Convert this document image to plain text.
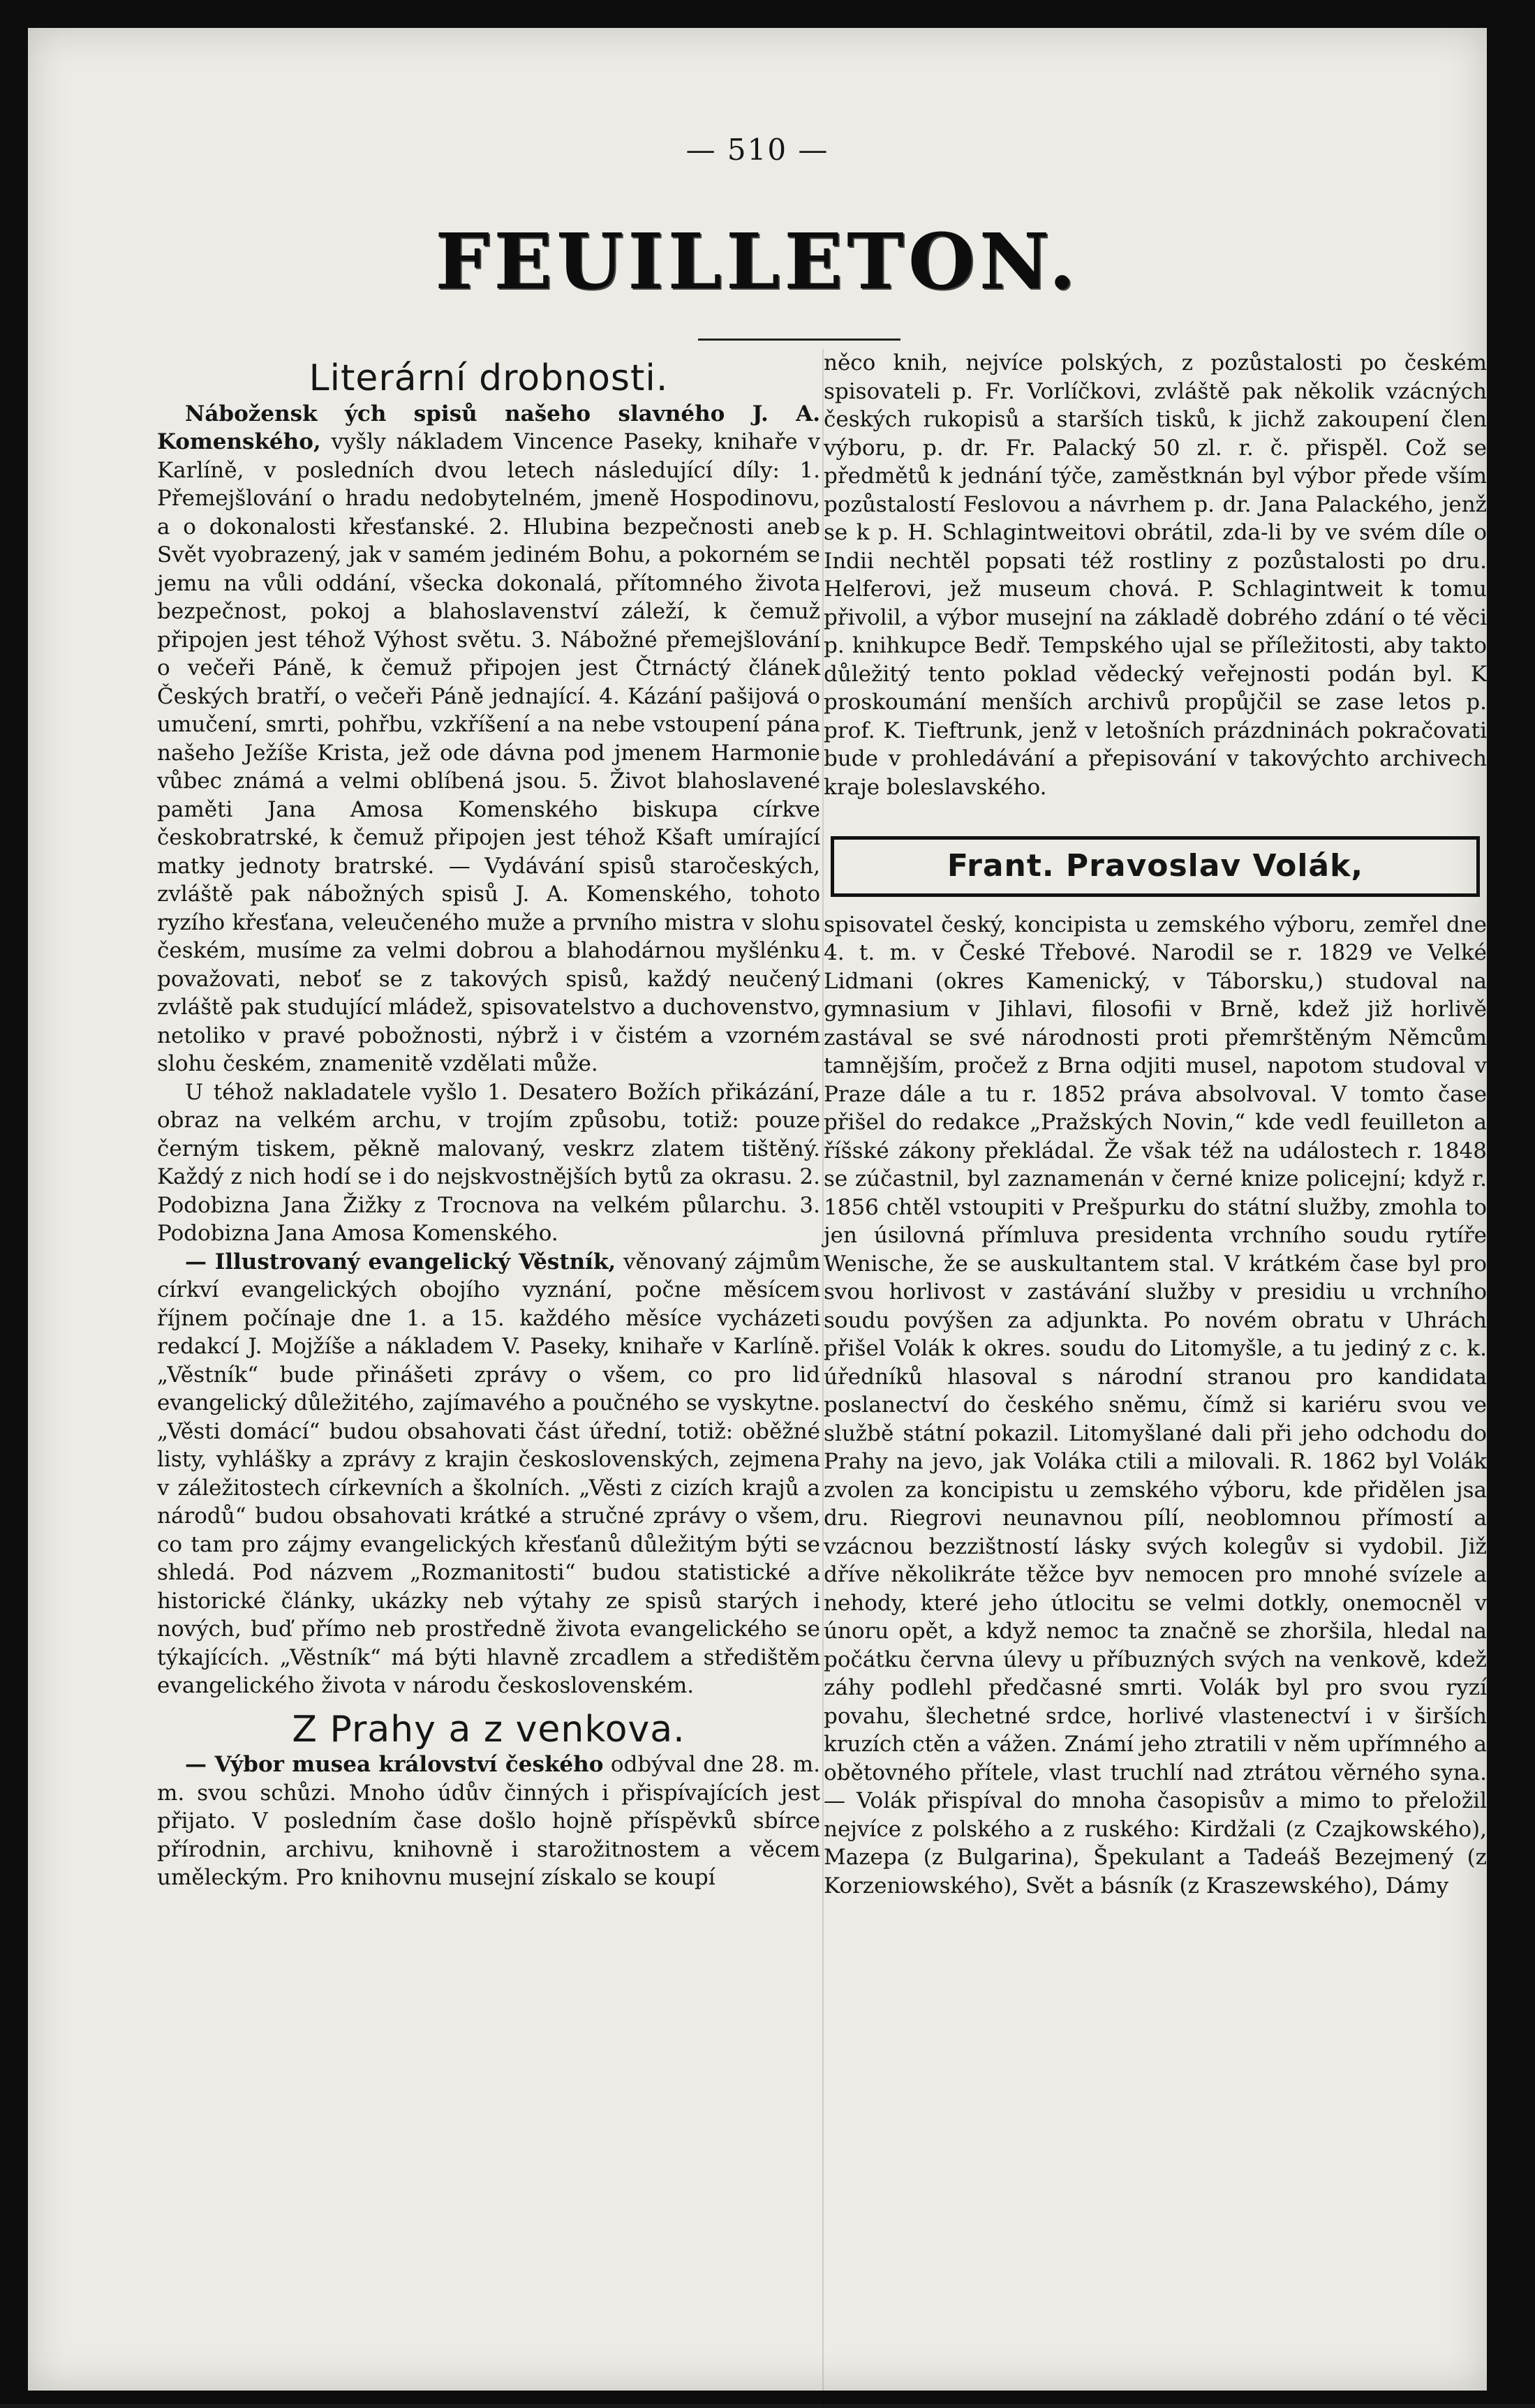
— 510 —
FEUILLETON.
Literární drobnosti.

Nábožensk ých spisů našeho slavného J. A. Komenského, vyšly nákladem Vincence Paseky, knihaře v Karlíně, v posledních dvou letech následující díly: 1. Přemejšlování o hradu nedobytelném, jmeně Hospodinovu, a o dokonalosti křesťanské. 2. Hlubina bezpečnosti aneb Svět vyobrazený, jak v samém jediném Bohu, a pokorném se jemu na vůli oddání, všecka dokonalá, přítomného života bezpečnost, pokoj a blahoslavenství záleží, k čemuž připojen jest téhož Výhost světu. 3. Nábožné přemejšlování o večeři Páně, k čemuž připojen jest Čtrnáctý článek Českých bratří, o večeři Páně jednající. 4. Kázání pašijová o umučení, smrti, pohřbu, vzkříšení a na nebe vstoupení pána našeho Ježíše Krista, jež ode dávna pod jmenem Harmonie vůbec známá a velmi oblíbená jsou. 5. Život blahoslavené paměti Jana Amosa Komenského biskupa církve českobratrské, k čemuž připojen jest téhož Kšaft umírající matky jednoty bratrské. — Vydávání spisů staročeských, zvláště pak nábožných spisů J. A. Komenského, tohoto ryzího křesťana, veleučeného muže a prvního mistra v slohu českém, musíme za velmi dobrou a blahodárnou myšlénku považovati, neboť se z takových spisů, každý neučený zvláště pak studující mládež, spisovatelstvo a duchovenstvo, netoliko v pravé pobožnosti, nýbrž i v čistém a vzorném slohu českém, znamenitě vzdělati může.

U téhož nakladatele vyšlo 1. Desatero Božích přikázání, obraz na velkém archu, v trojím způsobu, totiž: pouze černým tiskem, pěkně malovaný, veskrz zlatem tištěný. Každý z nich hodí se i do nejskvostnějších bytů za okrasu. 2. Podobizna Jana Žižky z Trocnova na velkém půlarchu. 3. Podobizna Jana Amosa Komenského.

— Illustrovaný evangelický Věstník, věnovaný zájmům církví evangelických obojího vyznání, počne měsícem říjnem počínaje dne 1. a 15. každého měsíce vycházeti redakcí J. Mojžíše a nákladem V. Paseky, knihaře v Karlíně. „Věstník“ bude přinášeti zprávy o všem, co pro lid evangelický důležitého, zajímavého a poučného se vyskytne. „Věsti domácí“ budou obsahovati část úřední, totiž: oběžné listy, vyhlášky a zprávy z krajin československých, zejmena v záležitostech církevních a školních. „Věsti z cizích krajů a národů“ budou obsahovati krátké a stručné zprávy o všem, co tam pro zájmy evangelických křesťanů důležitým býti se shledá. Pod názvem „Rozmanitosti“ budou statistické a historické články, ukázky neb výtahy ze spisů starých i nových, buď přímo neb prostředně života evangelického se týkajících. „Věstník“ má býti hlavně zrcadlem a středištěm evangelického života v národu československém.

Z Prahy a z venkova.

— Výbor musea království českého odbýval dne 28. m. m. svou schůzi. Mnoho údův činných i přispívajících jest přijato. V posledním čase došlo hojně příspěvků sbírce přírodnin, archivu, knihovně i starožitnostem a věcem uměleckým. Pro knihovnu musejní získalo se koupí

něco knih, nejvíce polských, z pozůstalosti po českém spisovateli p. Fr. Vorlíčkovi, zvláště pak několik vzácných českých rukopisů a starších tisků, k jichž zakoupení člen výboru, p. dr. Fr. Palacký 50 zl. r. č. přispěl. Což se předmětů k jednání týče, zaměstknán byl výbor přede vším pozůstalostí Feslovou a návrhem p. dr. Jana Palackého, jenž se k p. H. Schlagintweitovi obrátil, zda-li by ve svém díle o Indii nechtěl popsati též rostliny z pozůstalosti po dru. Helferovi, jež museum chová. P. Schlagintweit k tomu přivolil, a výbor musejní na základě dobrého zdání o té věci p. knihkupce Bedř. Tempského ujal se příležitosti, aby takto důležitý tento poklad vědecký veřejnosti podán byl. K proskoumání menších archivů propůjčil se zase letos p. prof. K. Tieftrunk, jenž v letošních prázdninách pokračovati bude v prohledávání a přepisování v takovýchto archivech kraje boleslavského.

Frant. Pravoslav Volák,

spisovatel český, koncipista u zemského výboru, zemřel dne 4. t. m. v České Třebové. Narodil se r. 1829 ve Velké Lidmani (okres Kamenický, v Táborsku,) studoval na gymnasium v Jihlavi, filosofii v Brně, kdež již horlivě zastával se své národnosti proti přemrštěným Němcům tamnějším, pročež z Brna odjiti musel, napotom studoval v Praze dále a tu r. 1852 práva absolvoval. V tomto čase přišel do redakce „Pražských Novin,“ kde vedl feuilleton a říšské zákony překládal. Že však též na událostech r. 1848 se zúčastnil, byl zaznamenán v černé knize policejní; když r. 1856 chtěl vstoupiti v Prešpurku do státní služby, zmohla to jen úsilovná přímluva presidenta vrchního soudu rytíře Wenische, že se auskultantem stal. V krátkém čase byl pro svou horlivost v zastávání služby v presidiu u vrchního soudu povýšen za adjunkta. Po novém obratu v Uhrách přišel Volák k okres. soudu do Litomyšle, a tu jediný z c. k. úředníků hlasoval s národní stranou pro kandidata poslanectví do českého sněmu, čímž si kariéru svou ve službě státní pokazil. Litomyšlané dali při jeho odchodu do Prahy na jevo, jak Voláka ctili a milovali. R. 1862 byl Volák zvolen za koncipistu u zemského výboru, kde přidělen jsa dru. Riegrovi neunavnou pílí, neoblomnou přímostí a vzácnou bezzištností lásky svých kolegův si vydobil. Již dříve několikráte těžce byv nemocen pro mnohé svízele a nehody, které jeho útlocitu se velmi dotkly, onemocněl v únoru opět, a když nemoc ta značně se zhoršila, hledal na počátku června úlevy u příbuzných svých na venkově, kdež záhy podlehl předčasné smrti. Volák byl pro svou ryzí povahu, šlechetné srdce, horlivé vlastenectví i v širších kruzích ctěn a vážen. Známí jeho ztratili v něm upřímného a obětovného přítele, vlast truchlí nad ztrátou věrného syna. — Volák přispíval do mnoha časopisův a mimo to přeložil nejvíce z polského a z ruského: Kirdžali (z Czajkowského), Mazepa (z Bulgarina), Špekulant a Tadeáš Bezejmený (z Korzeniowského), Svět a básník (z Kraszewského), Dámy
